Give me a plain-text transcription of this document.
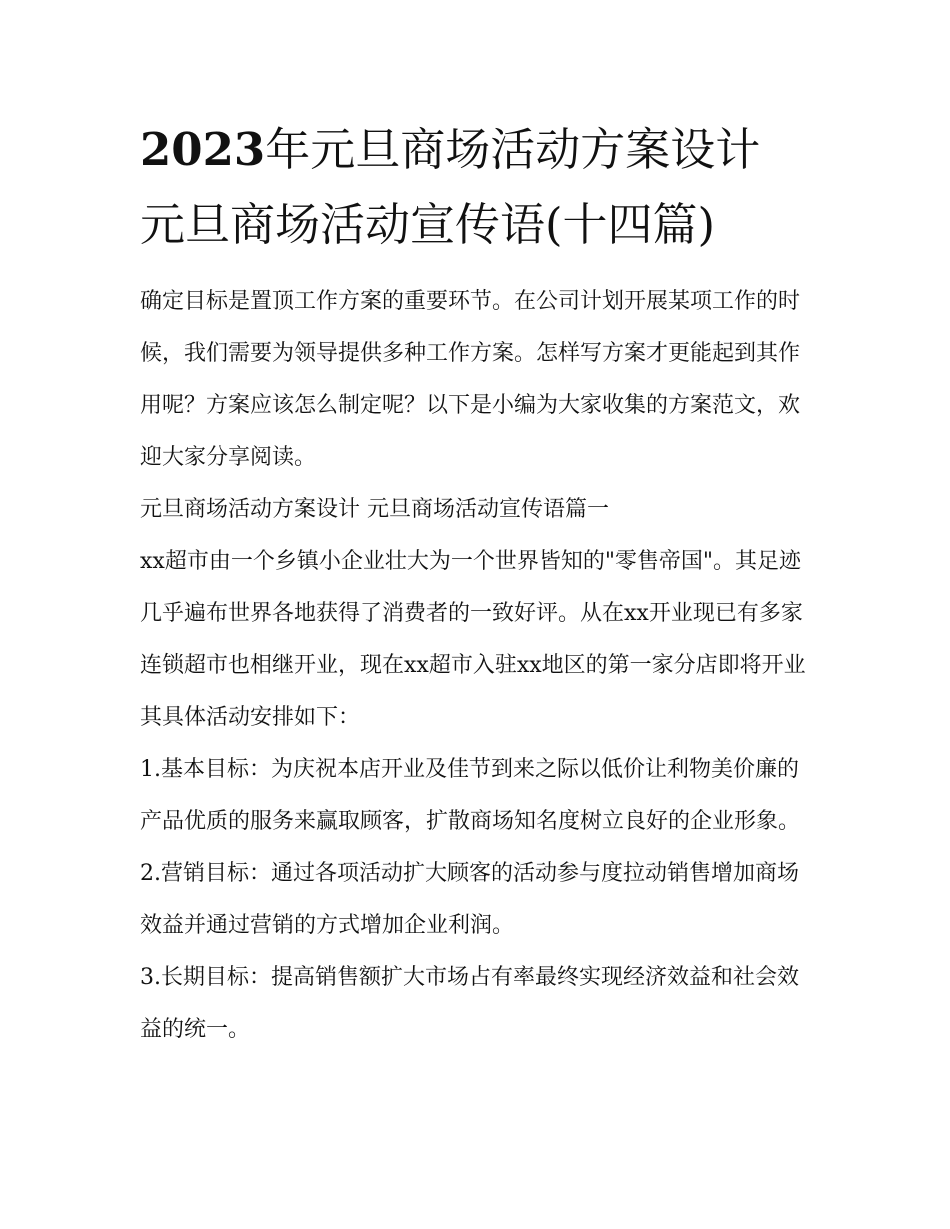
2023年元旦商场活动方案设计
元旦商场活动宣传语(十四篇)

确定目标是置顶工作方案的重要环节。在公司计划开展某项工作的时候，我们需要为领导提供多种工作方案。怎样写方案才更能起到其作用呢？方案应该怎么制定呢？以下是小编为大家收集的方案范文，欢迎大家分享阅读。

元旦商场活动方案设计 元旦商场活动宣传语篇一

xx超市由一个乡镇小企业壮大为一个世界皆知的"零售帝国"。其足迹几乎遍布世界各地获得了消费者的一致好评。从在xx开业现已有多家连锁超市也相继开业，现在xx超市入驻xx地区的第一家分店即将开业其具体活动安排如下：

1.基本目标：为庆祝本店开业及佳节到来之际以低价让利物美价廉的产品优质的服务来赢取顾客，扩散商场知名度树立良好的企业形象。

2.营销目标：通过各项活动扩大顾客的活动参与度拉动销售增加商场效益并通过营销的方式增加企业利润。

3.长期目标：提高销售额扩大市场占有率最终实现经济效益和社会效益的统一。
